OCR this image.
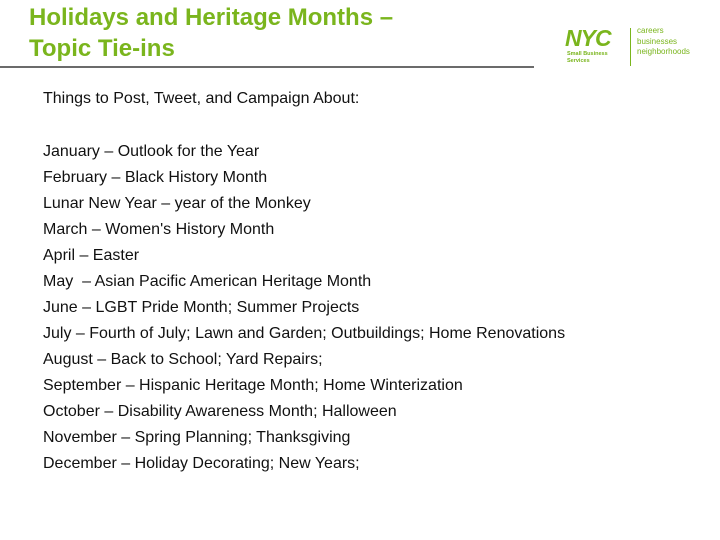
Holidays and Heritage Months –
Topic Tie-ins	NYC
Small Business
Services
careers
businesses
neighborhoods

Things to Post, Tweet, and Campaign About:

January – Outlook for the Year
February – Black History Month
Lunar New Year – year of the Monkey
March – Women's History Month
April – Easter
May  – Asian Pacific American Heritage Month
June – LGBT Pride Month; Summer Projects
July – Fourth of July; Lawn and Garden; Outbuildings; Home Renovations
August – Back to School; Yard Repairs;
September – Hispanic Heritage Month; Home Winterization
October – Disability Awareness Month; Halloween
November – Spring Planning; Thanksgiving
December – Holiday Decorating; New Years;
